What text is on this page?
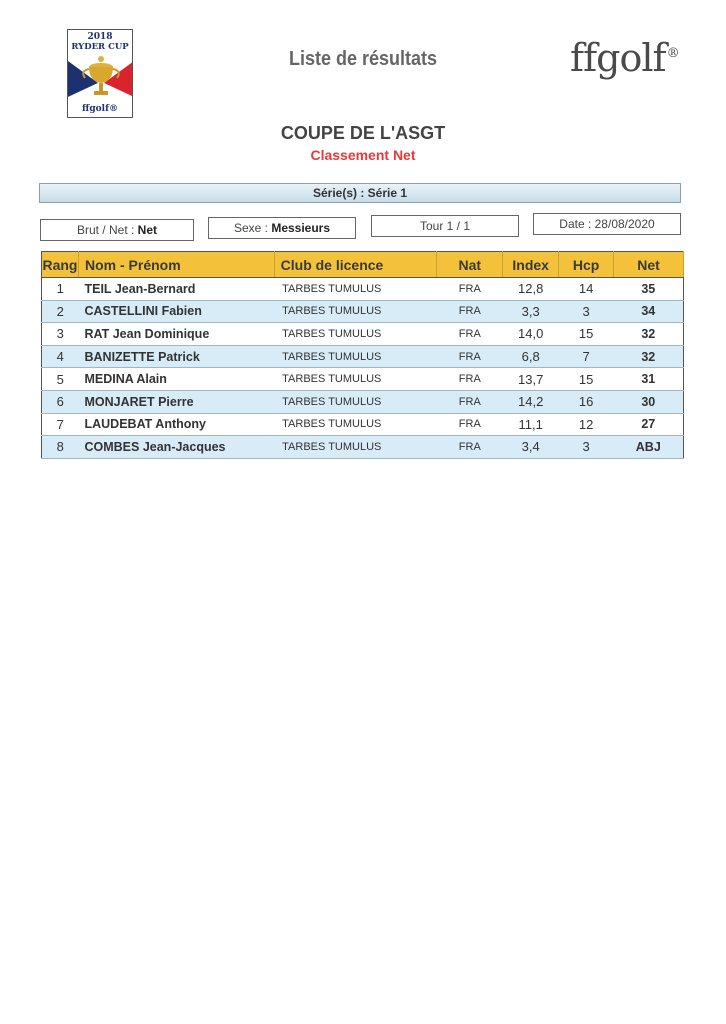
2018
RYDER CUP
ffgolf®
Liste de résultats	ffgolf®
COUPE DE L'ASGT
Classement Net
Série(s) : Série 1
Brut / Net : Net	Sexe : Messieurs	Tour 1 / 1	Date : 28/08/2020
Rang	Nom - Prénom	Club de licence	Nat	Index	Hcp	Net
1	TEIL Jean-Bernard	TARBES TUMULUS	FRA	12,8	14	35
2	CASTELLINI Fabien	TARBES TUMULUS	FRA	3,3	3	34
3	RAT Jean Dominique	TARBES TUMULUS	FRA	14,0	15	32
4	BANIZETTE Patrick	TARBES TUMULUS	FRA	6,8	7	32
5	MEDINA Alain	TARBES TUMULUS	FRA	13,7	15	31
6	MONJARET Pierre	TARBES TUMULUS	FRA	14,2	16	30
7	LAUDEBAT Anthony	TARBES TUMULUS	FRA	11,1	12	27
8	COMBES Jean-Jacques	TARBES TUMULUS	FRA	3,4	3	ABJ
